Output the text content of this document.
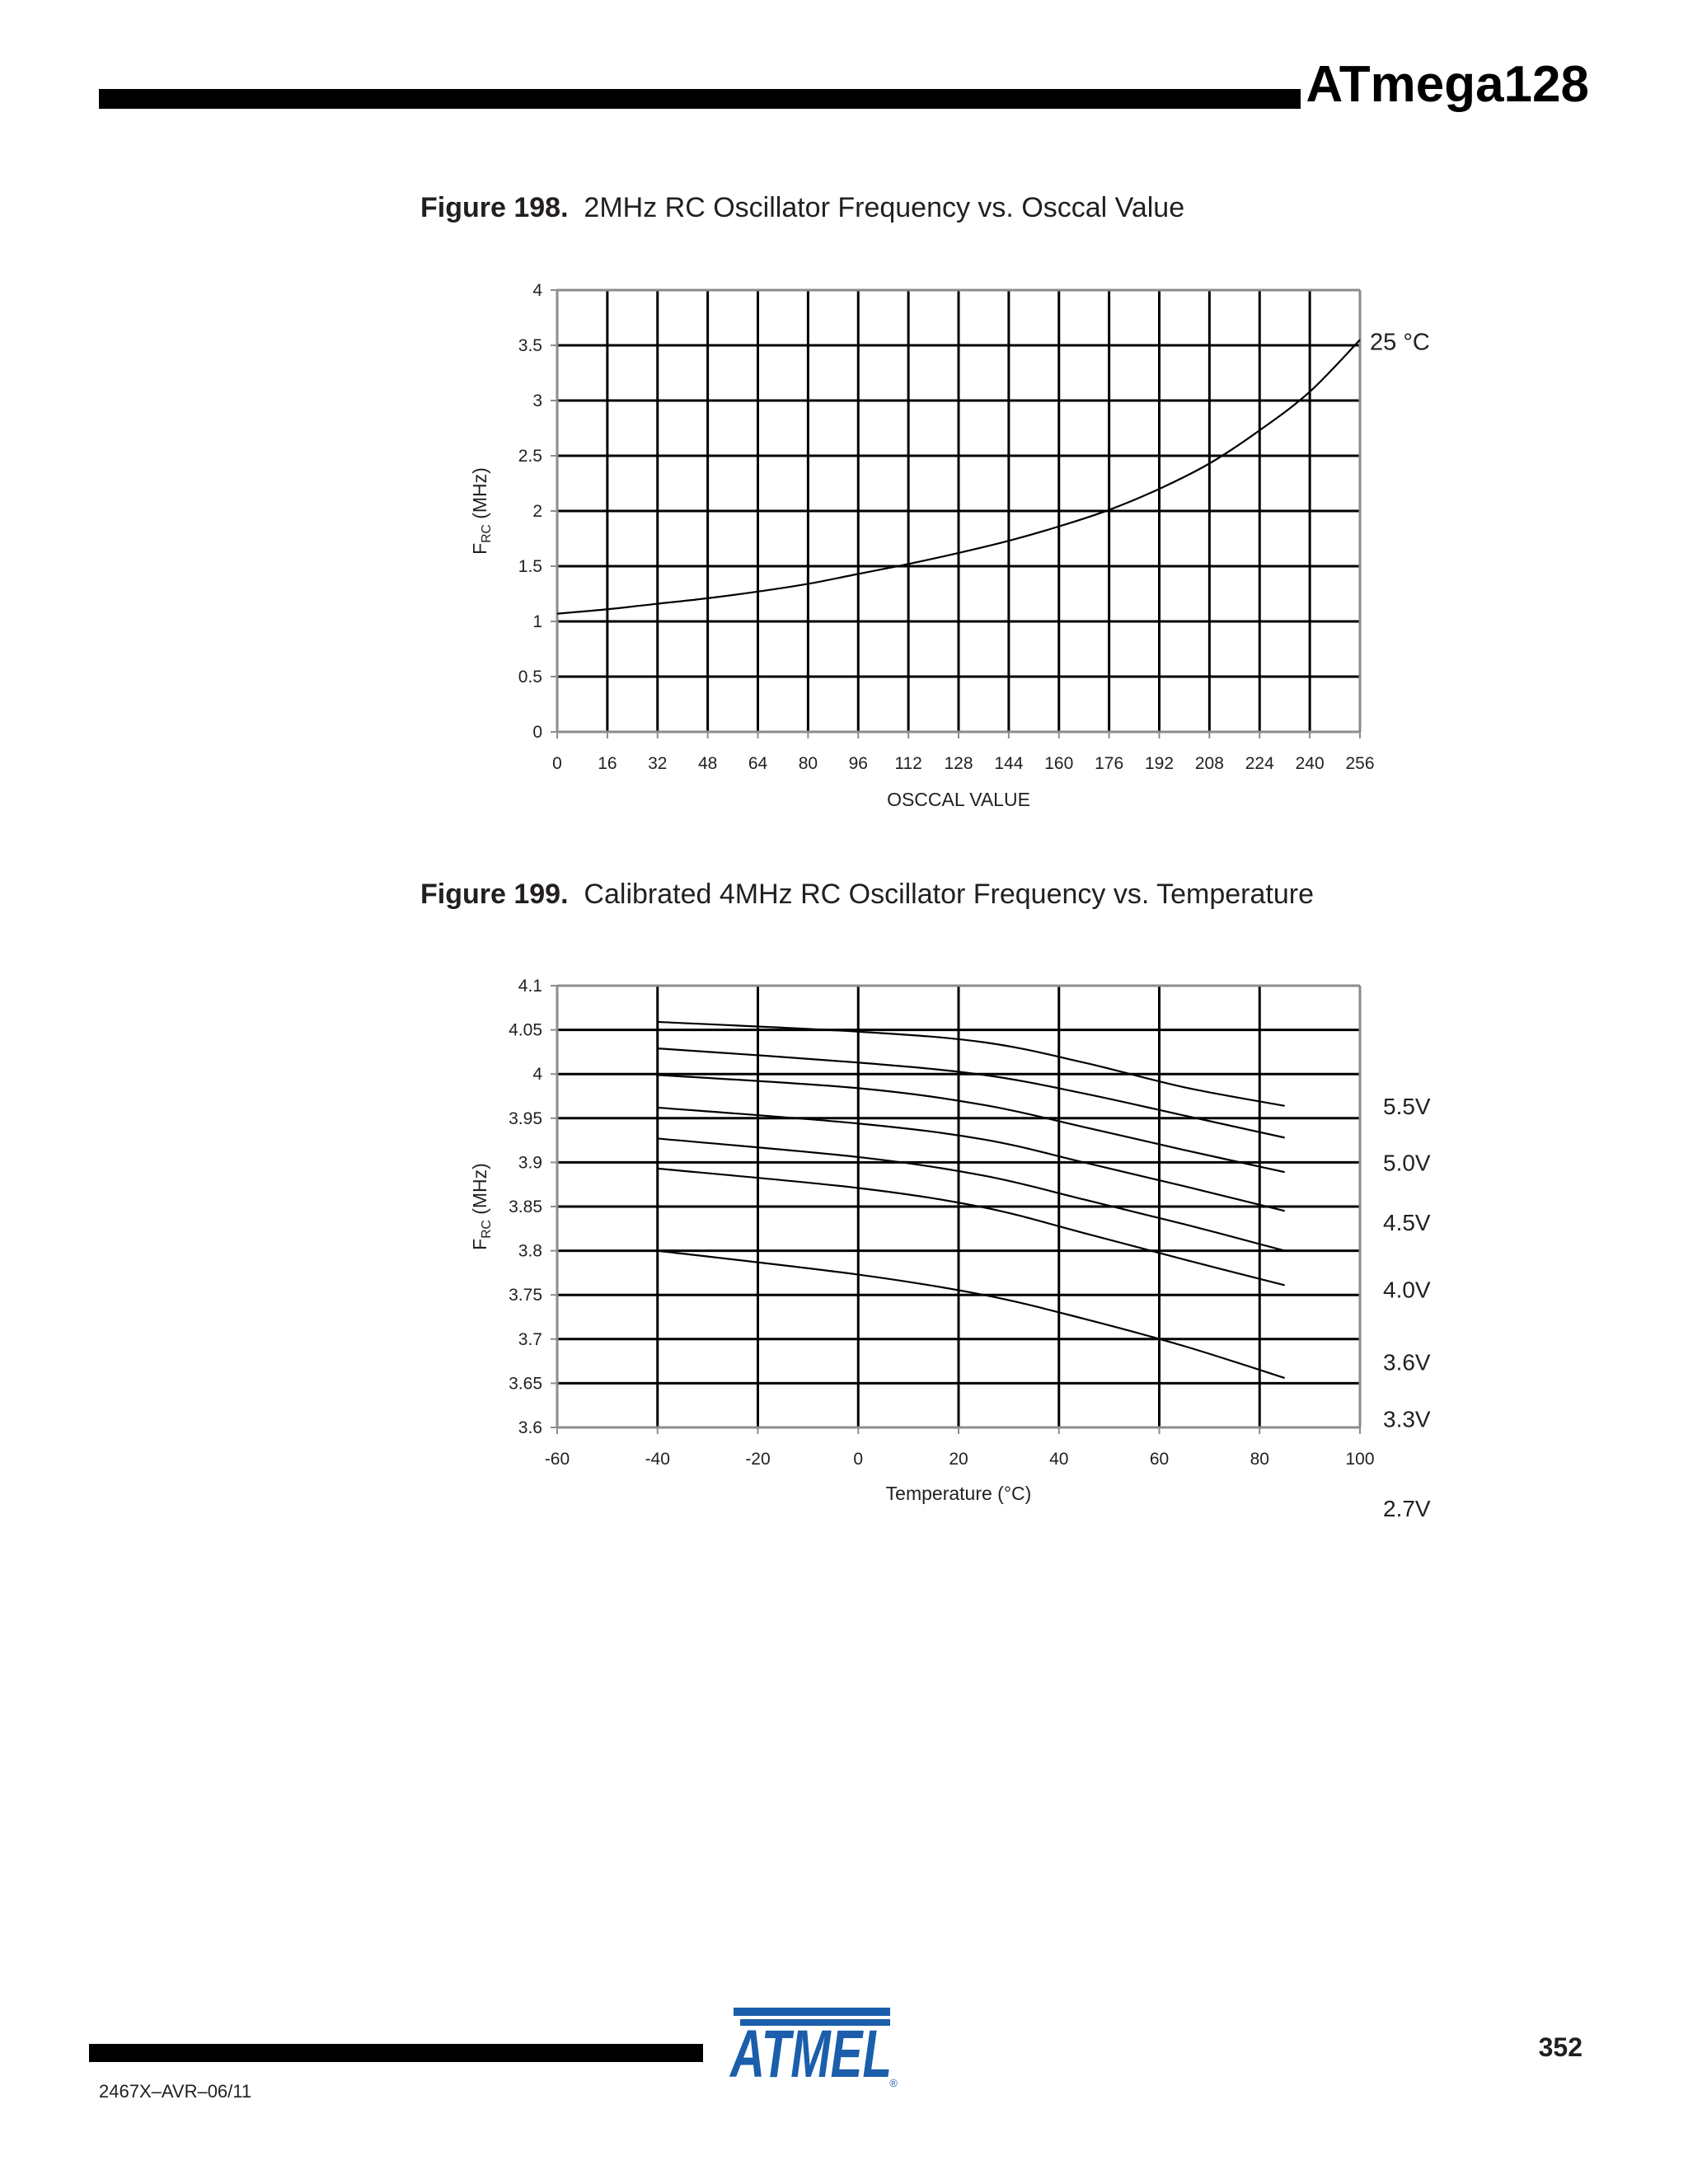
ATmega128
Figure 198. 2MHz RC Oscillator Frequency vs. Osccal Value
0 16 32 48 64 80 96 112 128 144 160 176 192 208 224 240 256
0
0.5
1
1.5
2
2.5
3
3.5
4
OSCCAL VALUE
$F_{RC}$ (MHz)
25 °C
Figure 199. Calibrated 4MHz RC Oscillator Frequency vs. Temperature
-60	-40	-20	0	20	40	60	80	100
3.6
3.65
3.7
3.75
3.8
3.85
3.9
3.95
4
4.05
4.1
Temperature (°C)
$F_{RC}$ (MHz)
5.5V
5.0V
4.5V
4.0V
3.6V
3.3V
2.7V
2467X–AVR–06/11
352
ATMEL
®
